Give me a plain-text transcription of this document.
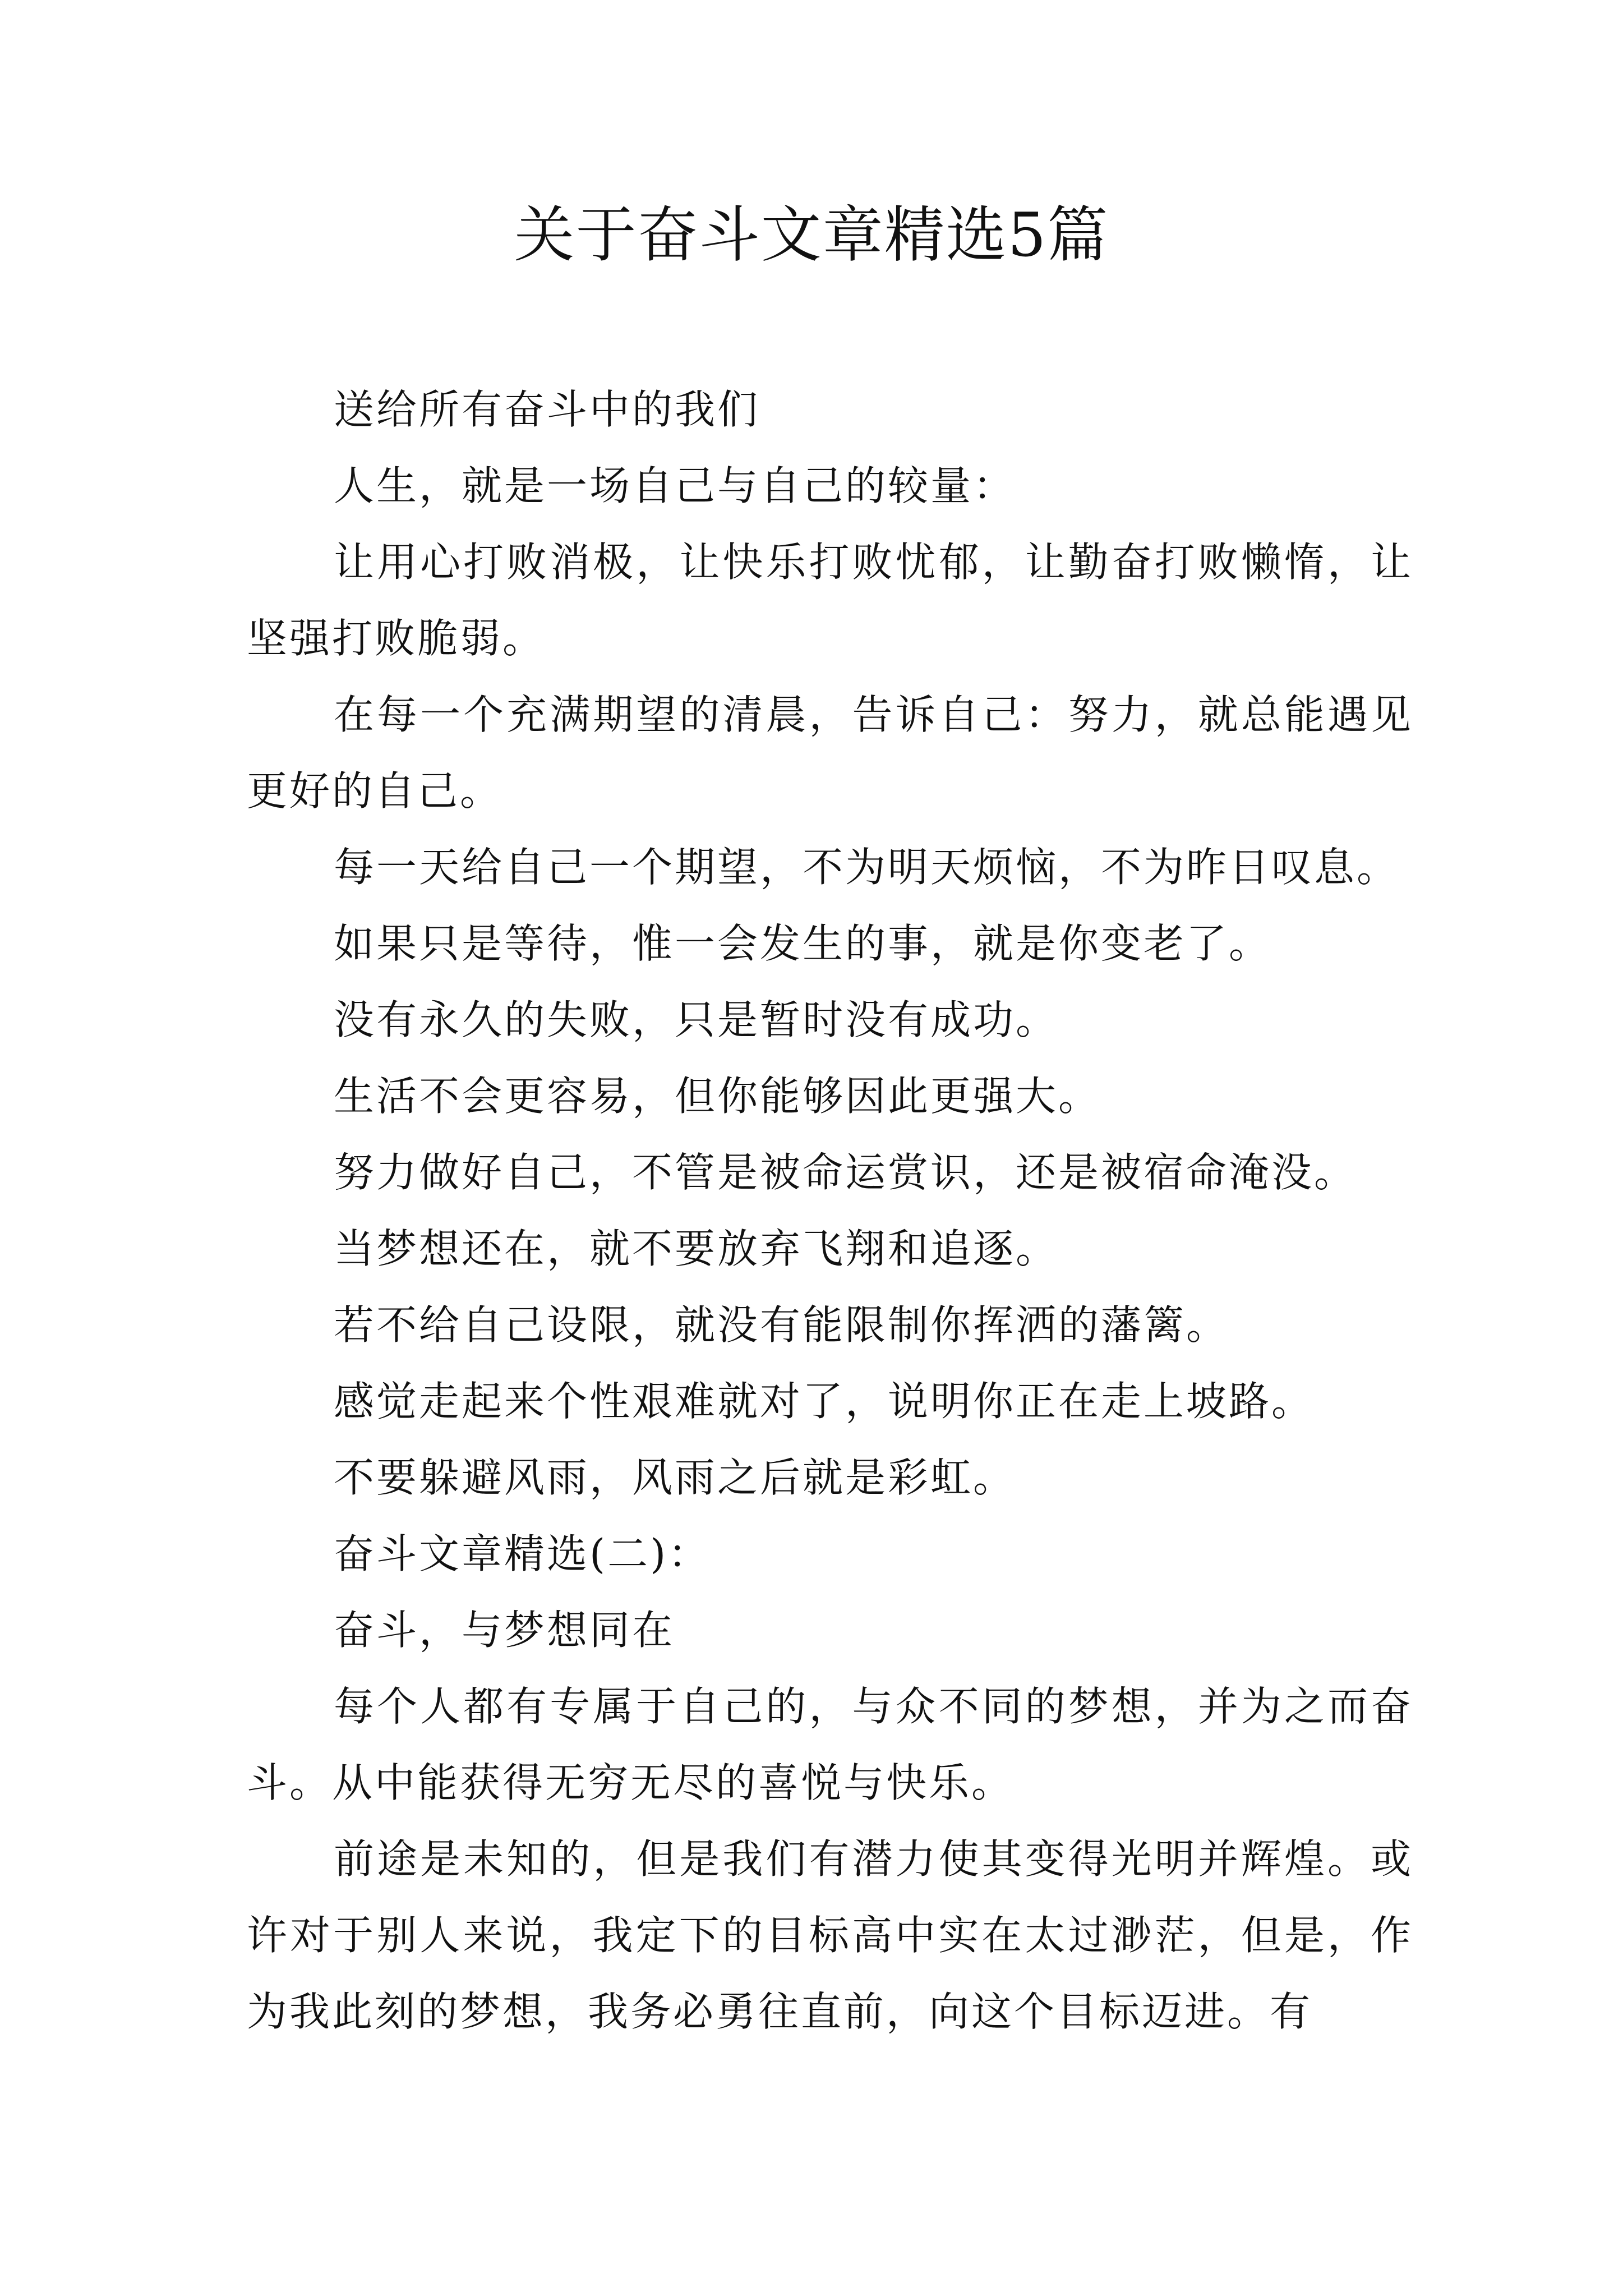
关于奋斗文章精选5篇

送给所有奋斗中的我们

人生，就是一场自己与自己的较量：

让用心打败消极，让快乐打败忧郁，让勤奋打败懒惰，让坚强打败脆弱。

在每一个充满期望的清晨，告诉自己：努力，就总能遇见更好的自己。

每一天给自己一个期望，不为明天烦恼，不为昨日叹息。

如果只是等待，惟一会发生的事，就是你变老了。

没有永久的失败，只是暂时没有成功。

生活不会更容易，但你能够因此更强大。

努力做好自己，不管是被命运赏识，还是被宿命淹没。

当梦想还在，就不要放弃飞翔和追逐。

若不给自己设限，就没有能限制你挥洒的藩篱。

感觉走起来个性艰难就对了，说明你正在走上坡路。

不要躲避风雨，风雨之后就是彩虹。

奋斗文章精选(二)：

奋斗，与梦想同在

每个人都有专属于自己的，与众不同的梦想，并为之而奋斗。从中能获得无穷无尽的喜悦与快乐。

前途是未知的，但是我们有潜力使其变得光明并辉煌。或许对于别人来说，我定下的目标高中实在太过渺茫，但是，作为我此刻的梦想，我务必勇往直前，向这个目标迈进。有
